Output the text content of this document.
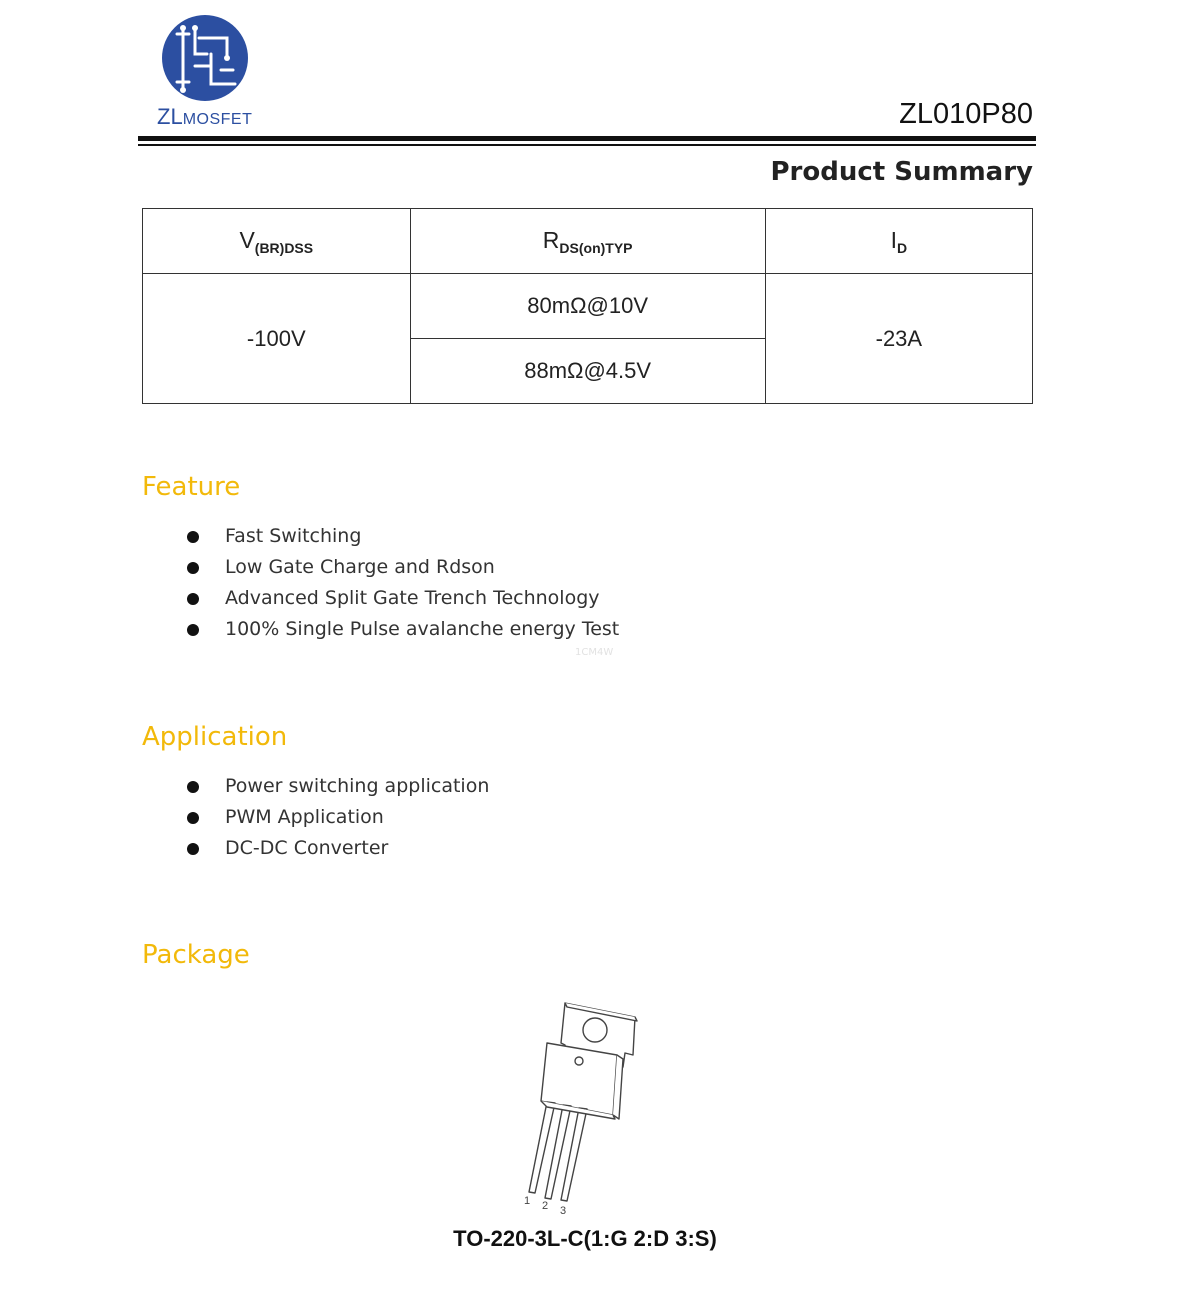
ZLMOSFET	ZL010P80
Product Summary
$V_{(BR)DSS}$	$R_{DS(on)TYP}$	$I_D$
-100V	80mΩ@10V	-23A
	88mΩ@4.5V	
Feature
Fast Switching
Low Gate Charge and Rdson
Advanced Split Gate Trench Technology
100% Single Pulse avalanche energy Test
1CM4W
Application
Power switching application
PWM Application
DC-DC Converter
Package
1 2 3
TO-220-3L-C(1:G 2:D 3:S)
